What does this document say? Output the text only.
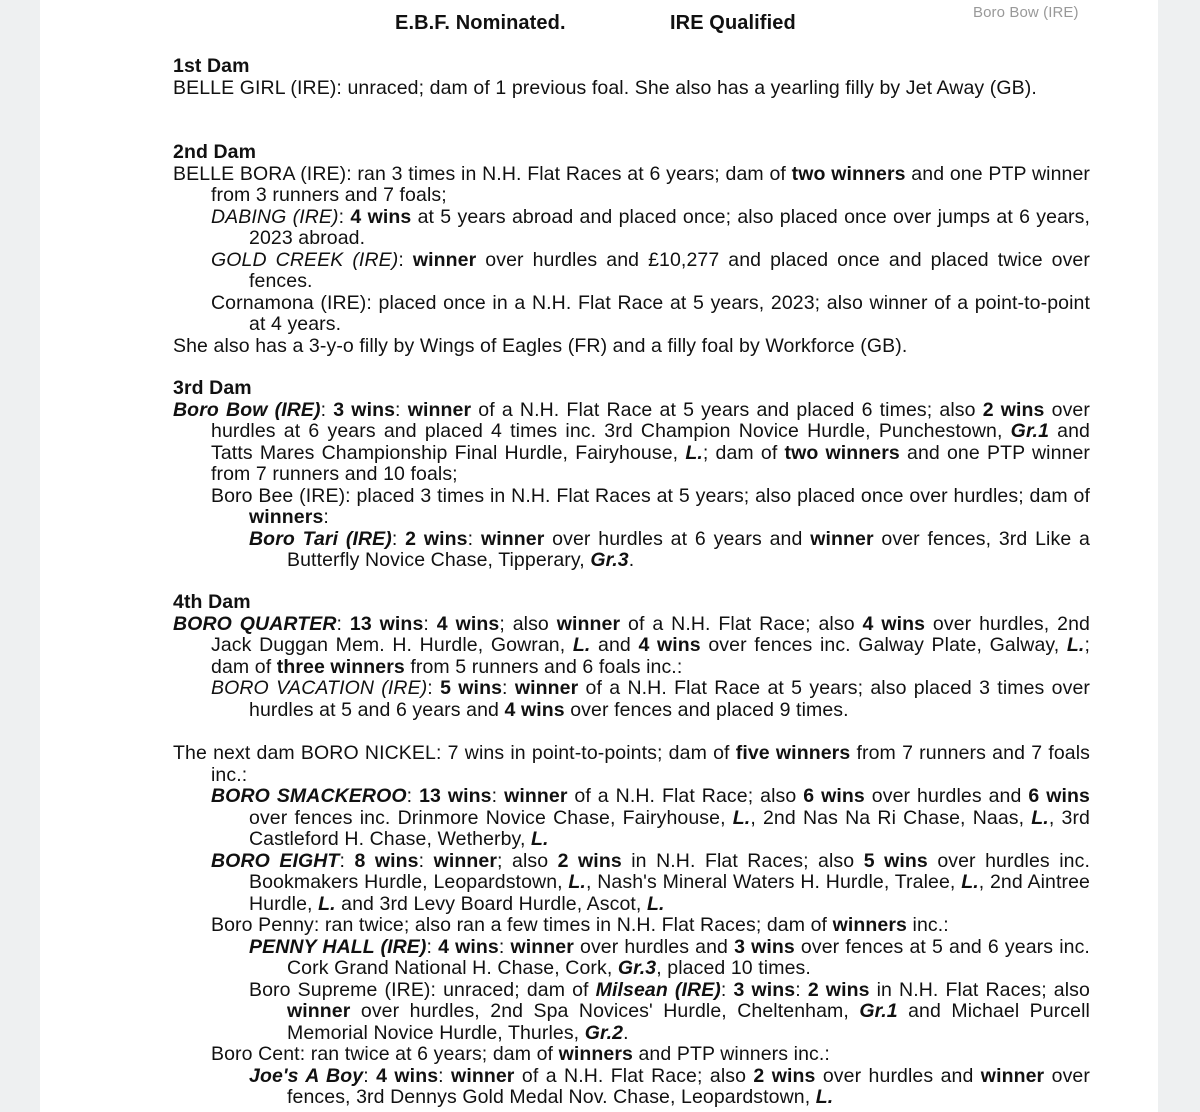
Boro Bow (IRE)
E.B.F. Nominated.	IRE Qualified
1st Dam
BELLE GIRL (IRE): unraced; dam of 1 previous foal. She also has a yearling filly by Jet Away (GB).
2nd Dam
BELLE BORA (IRE): ran 3 times in N.H. Flat Races at 6 years; dam of two winners and one PTP winner from 3 runners and 7 foals;
DABING (IRE): 4 wins at 5 years abroad and placed once; also placed once over jumps at 6 years, 2023 abroad.
GOLD CREEK (IRE): winner over hurdles and £10,277 and placed once and placed twice over fences.
Cornamona (IRE): placed once in a N.H. Flat Race at 5 years, 2023; also winner of a point-to-point at 4 years.
She also has a 3-y-o filly by Wings of Eagles (FR) and a filly foal by Workforce (GB).
3rd Dam
Boro Bow (IRE): 3 wins: winner of a N.H. Flat Race at 5 years and placed 6 times; also 2 wins over hurdles at 6 years and placed 4 times inc. 3rd Champion Novice Hurdle, Punchestown, Gr.1 and Tatts Mares Championship Final Hurdle, Fairyhouse, L.; dam of two winners and one PTP winner from 7 runners and 10 foals;
Boro Bee (IRE): placed 3 times in N.H. Flat Races at 5 years; also placed once over hurdles; dam of winners:
Boro Tari (IRE): 2 wins: winner over hurdles at 6 years and winner over fences, 3rd Like a Butterfly Novice Chase, Tipperary, Gr.3.
4th Dam
BORO QUARTER: 13 wins: 4 wins; also winner of a N.H. Flat Race; also 4 wins over hurdles, 2nd Jack Duggan Mem. H. Hurdle, Gowran, L. and 4 wins over fences inc. Galway Plate, Galway, L.; dam of three winners from 5 runners and 6 foals inc.:
BORO VACATION (IRE): 5 wins: winner of a N.H. Flat Race at 5 years; also placed 3 times over hurdles at 5 and 6 years and 4 wins over fences and placed 9 times.
The next dam BORO NICKEL: 7 wins in point-to-points; dam of five winners from 7 runners and 7 foals inc.:
BORO SMACKEROO: 13 wins: winner of a N.H. Flat Race; also 6 wins over hurdles and 6 wins over fences inc. Drinmore Novice Chase, Fairyhouse, L., 2nd Nas Na Ri Chase, Naas, L., 3rd Castleford H. Chase, Wetherby, L.
BORO EIGHT: 8 wins: winner; also 2 wins in N.H. Flat Races; also 5 wins over hurdles inc. Bookmakers Hurdle, Leopardstown, L., Nash's Mineral Waters H. Hurdle, Tralee, L., 2nd Aintree Hurdle, L. and 3rd Levy Board Hurdle, Ascot, L.
Boro Penny: ran twice; also ran a few times in N.H. Flat Races; dam of winners inc.:
PENNY HALL (IRE): 4 wins: winner over hurdles and 3 wins over fences at 5 and 6 years inc. Cork Grand National H. Chase, Cork, Gr.3, placed 10 times.
Boro Supreme (IRE): unraced; dam of Milsean (IRE): 3 wins: 2 wins in N.H. Flat Races; also winner over hurdles, 2nd Spa Novices' Hurdle, Cheltenham, Gr.1 and Michael Purcell Memorial Novice Hurdle, Thurles, Gr.2.
Boro Cent: ran twice at 6 years; dam of winners and PTP winners inc.:
Joe's A Boy: 4 wins: winner of a N.H. Flat Race; also 2 wins over hurdles and winner over fences, 3rd Dennys Gold Medal Nov. Chase, Leopardstown, L.
